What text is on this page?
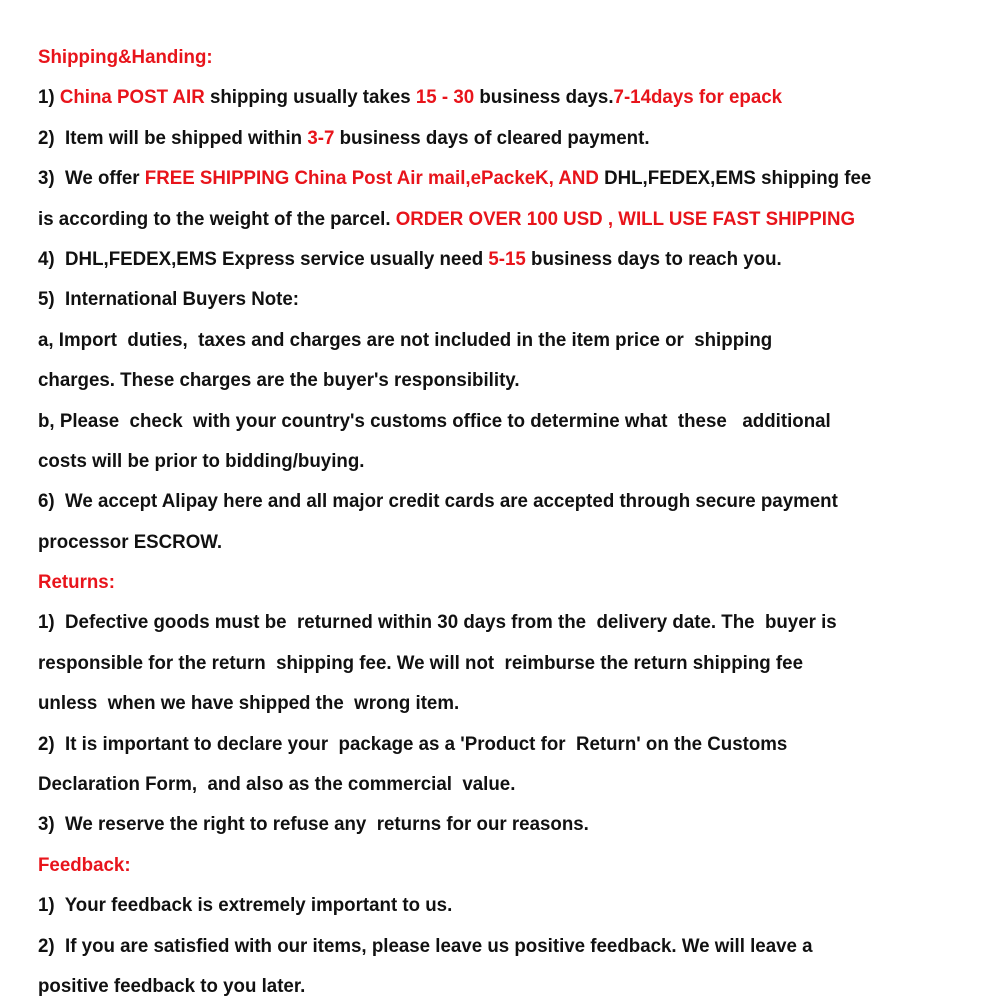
Shipping&Handing:
1) China POST AIR shipping usually takes 15 - 30 business days.7-14days for epack
2)  Item will be shipped within 3-7 business days of cleared payment.
3)  We offer FREE SHIPPING China Post Air mail,ePackeK, AND DHL,FEDEX,EMS shipping fee
is according to the weight of the parcel. ORDER OVER 100 USD , WILL USE FAST SHIPPING
4)  DHL,FEDEX,EMS Express service usually need 5-15 business days to reach you.
5)  International Buyers Note:
a, Import  duties,  taxes and charges are not included in the item price or  shipping
charges. These charges are the buyer's responsibility.
b, Please  check  with your country's customs office to determine what  these   additional
costs will be prior to bidding/buying.
6)  We accept Alipay here and all major credit cards are accepted through secure payment
processor ESCROW.
Returns:
1)  Defective goods must be  returned within 30 days from the  delivery date. The  buyer is
responsible for the return  shipping fee. We will not  reimburse the return shipping fee
unless  when we have shipped the  wrong item.
2)  It is important to declare your  package as a 'Product for  Return' on the Customs
Declaration Form,  and also as the commercial  value.
3)  We reserve the right to refuse any  returns for our reasons.
Feedback:
1)  Your feedback is extremely important to us.
2)  If you are satisfied with our items, please leave us positive feedback. We will leave a
positive feedback to you later.
